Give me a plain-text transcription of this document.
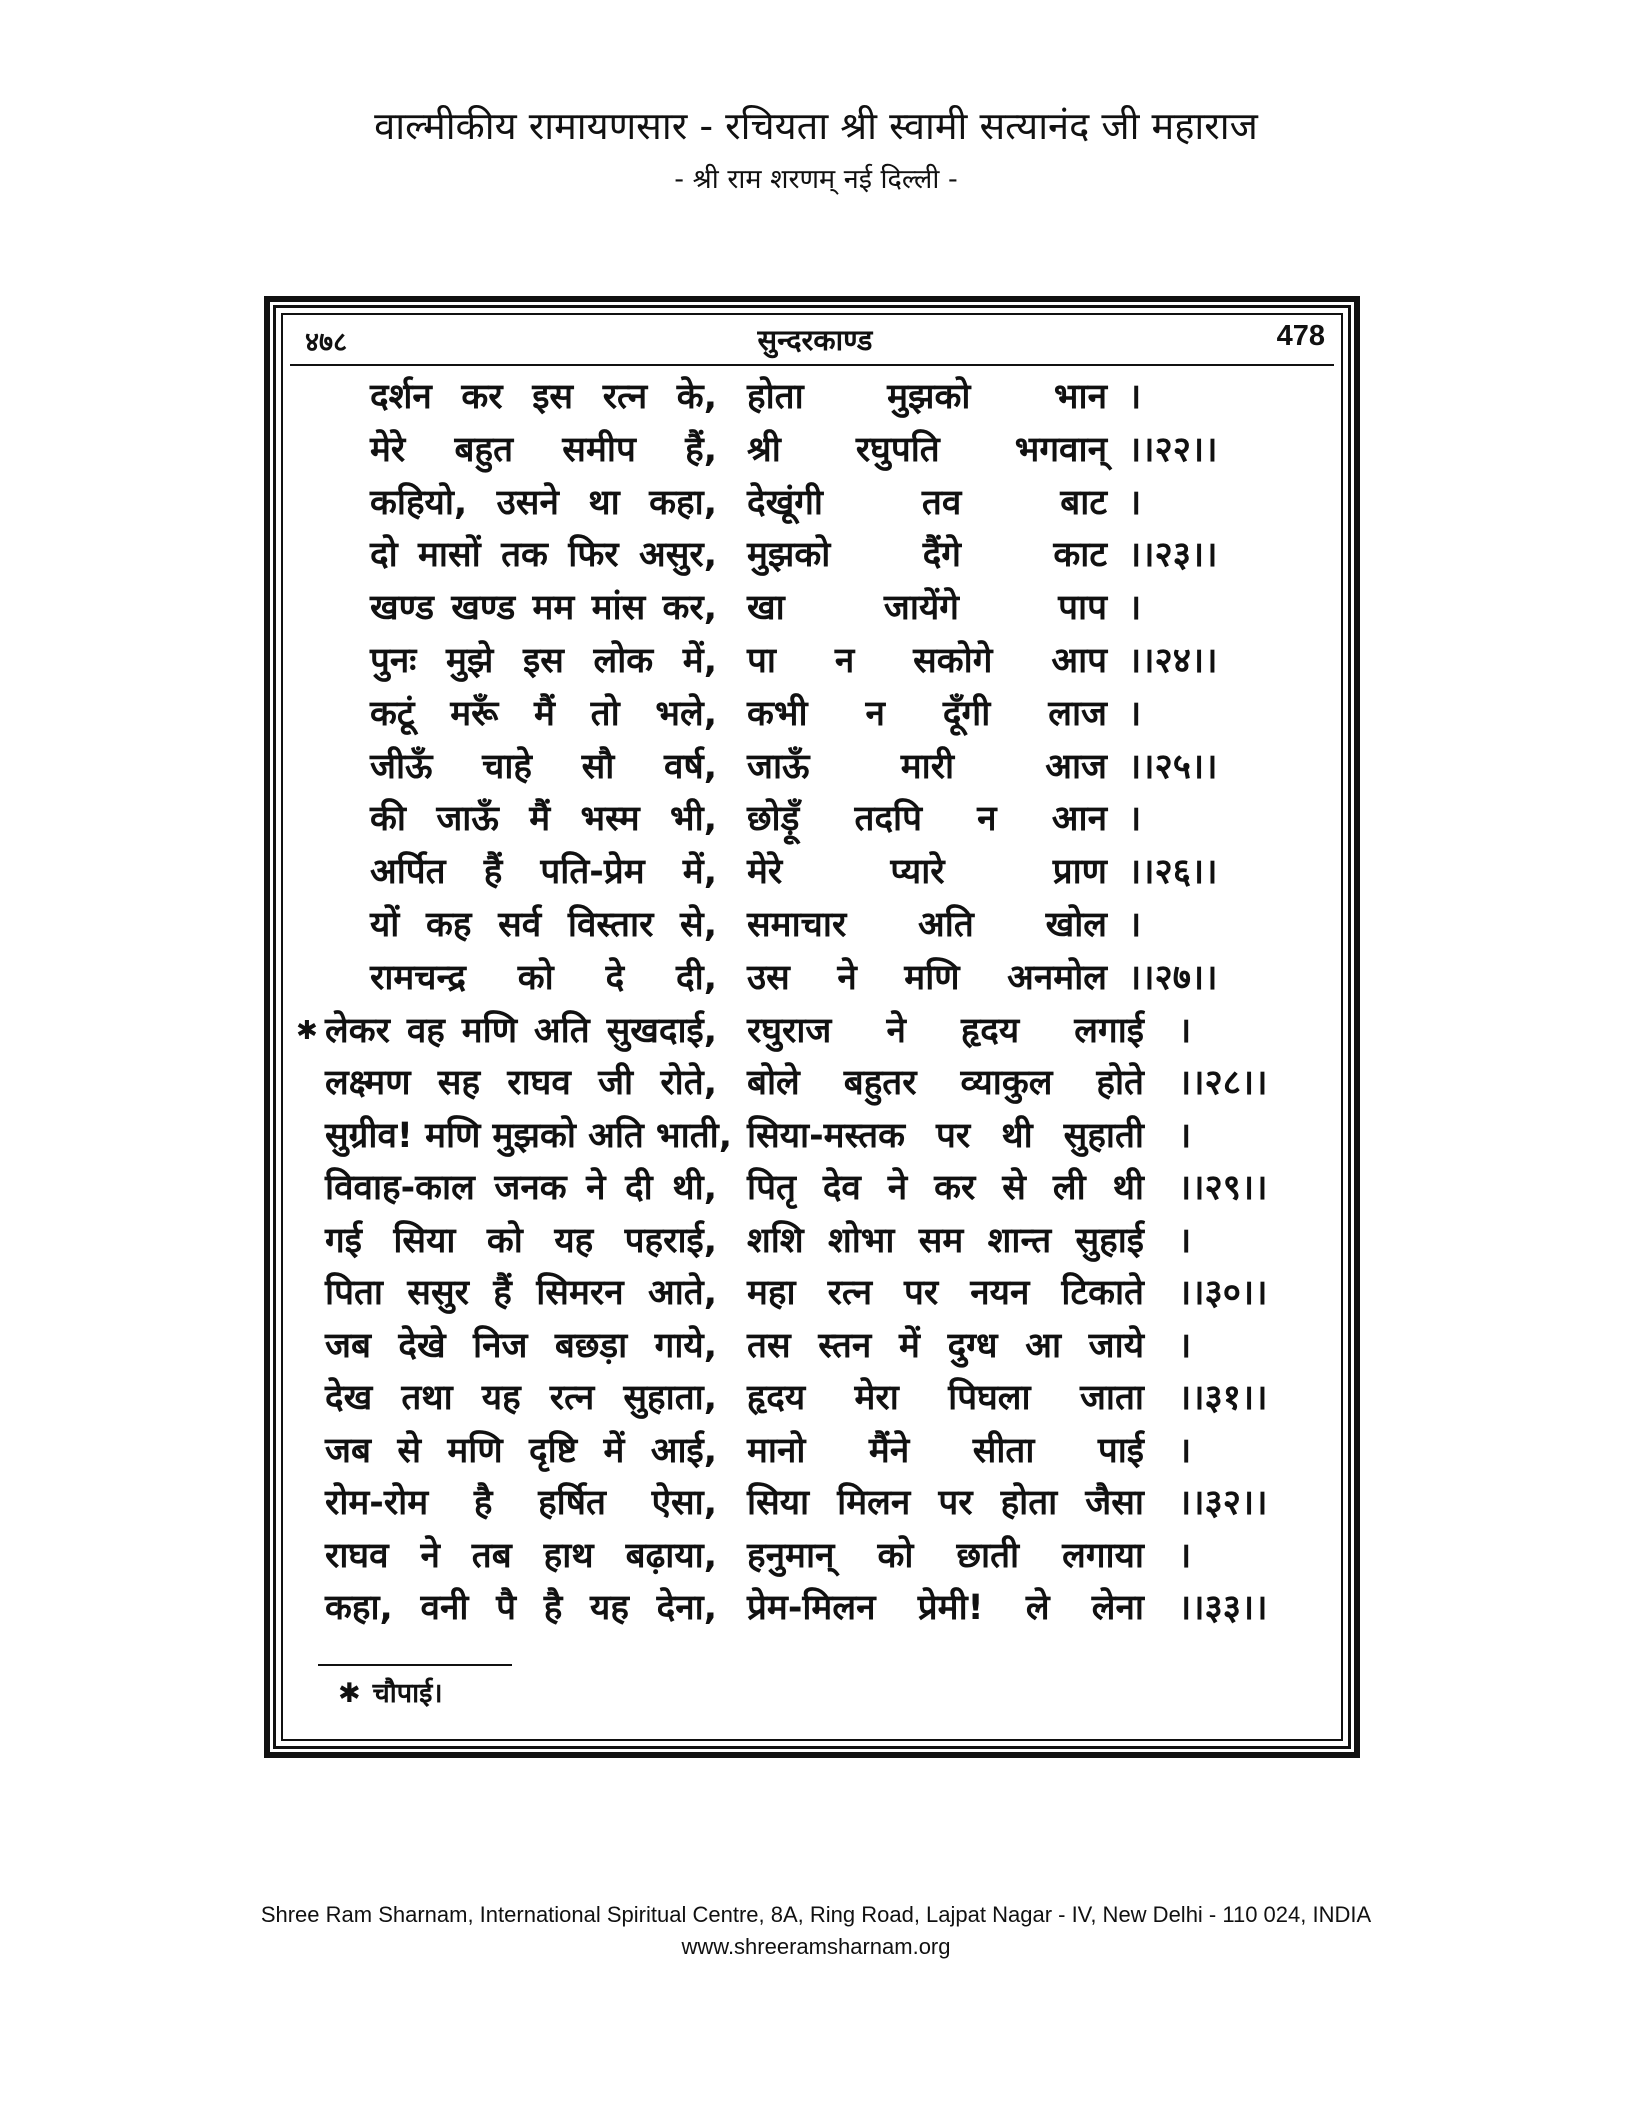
वाल्मीकीय रामायणसार - रचियता श्री स्वामी सत्यानंद जी महाराज
- श्री राम शरणम् नई दिल्ली -
४७८	सुन्दरकाण्ड	478
दर्शन कर इस रत्न के, होता मुझको भान ।
मेरे बहुत समीप हैं, श्री रघुपति भगवान् ।।२२।।
कहियो, उसने था कहा, देखूंगी तव बाट ।
दो मासों तक फिर असुर, मुझको दैंगे काट ।।२३।।
खण्ड खण्ड मम मांस कर, खा जायेंगे पाप ।
पुनः मुझे इस लोक में, पा न सकोगे आप ।।२४।।
कटूं मरूँ मैं तो भले, कभी न दूँगी लाज ।
जीऊँ चाहे सौ वर्ष, जाऊँ मारी आज ।।२५।।
की जाऊँ मैं भस्म भी, छोड़ूँ तदपि न आन ।
अर्पित हैं पति-प्रेम में, मेरे प्यारे प्राण ।।२६।।
यों कह सर्व विस्तार से, समाचार अति खोल ।
रामचन्द्र को दे दी, उस ने मणि अनमोल ।।२७।।
✱ लेकर वह मणि अति सुखदाई, रघुराज ने हृदय लगाई ।
लक्ष्मण सह राघव जी रोते, बोले बहुतर व्याकुल होते ।।२८।।
सुग्रीव! मणि मुझको अति भाती, सिया-मस्तक पर थी सुहाती ।
विवाह-काल जनक ने दी थी, पितृ देव ने कर से ली थी ।।२९।।
गई सिया को यह पहराई, शशि शोभा सम शान्त सुहाई ।
पिता ससुर हैं सिमरन आते, महा रत्न पर नयन टिकाते ।।३०।।
जब देखे निज बछड़ा गाये, तस स्तन में दुग्ध आ जाये ।
देख तथा यह रत्न सुहाता, हृदय मेरा पिघला जाता ।।३१।।
जब से मणि दृष्टि में आई, मानो मैंने सीता पाई ।
रोम-रोम है हर्षित ऐसा, सिया मिलन पर होता जैसा ।।३२।।
राघव ने तब हाथ बढ़ाया, हनुमान् को छाती लगाया ।
कहा, वनी पै है यह देना, प्रेम-मिलन प्रेमी! ले लेना ।।३३।।
✱ चौपाई।
Shree Ram Sharnam, International Spiritual Centre, 8A, Ring Road, Lajpat Nagar - IV, New Delhi - 110 024, INDIA
www.shreeramsharnam.org
